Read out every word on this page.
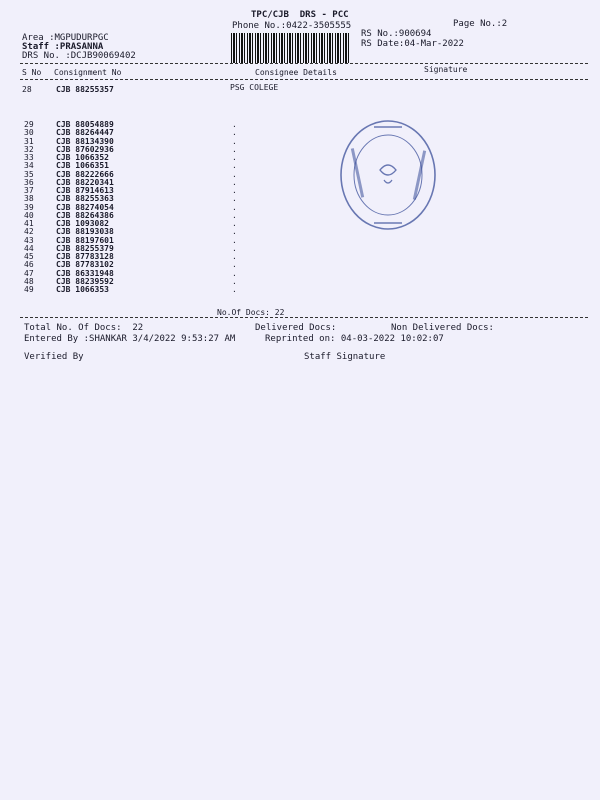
TPC/CJB  DRS - PCC
Phone No.:0422-3505555	Page No.:2
Area :MGPUDURPGC
Staff :PRASANNA
DRS No. :DCJB90069402
RS No.:900694
RS Date:04-Mar-2022
S No Consignment No	Consignee Details	Signature
28	CJB 88255357	PSG COLEGE
29	CJB 88054889	.
30	CJB 88264447	.
31	CJB 88134390	.
32	CJB 87602936	.
33	CJB 1066352	.
34	CJB 1066351	.
35	CJB 88222666	.
36	CJB 88220341	.
37	CJB 87914613	.
38	CJB 88255363	.
39	CJB 88274054	.
40	CJB 88264386	.
41	CJB 1093082	.
42	CJB 88193038	.
43	CJB 88197601	.
44	CJB 88255379	.
45	CJB 87783128	.
46	CJB 87783102	.
47	CJB 86331948	.
48	CJB 88239592	.
49	CJB 1066353	.
No.Of Docs: 22
Total No. Of Docs:  22	Delivered Docs:	Non Delivered Docs:
Entered By :SHANKAR 3/4/2022 9:53:27 AM	Reprinted on: 04-03-2022 10:02:07
Verified By	Staff Signature
